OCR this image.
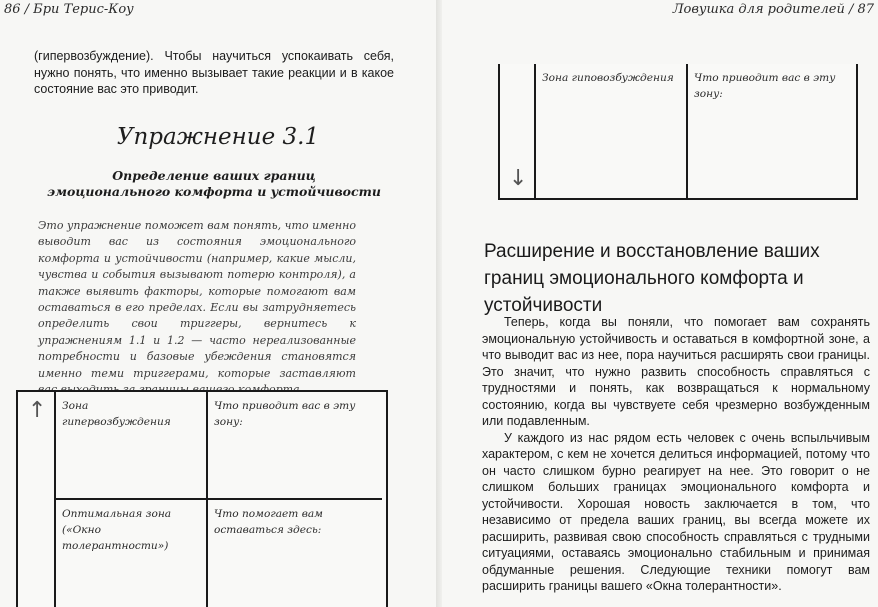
86 / Бри Терис-Коу

(гипервозбуждение). Чтобы научиться успокаивать себя, нужно понять, что именно вызывает такие реакции и в какое состояние вас это приводит.

Упражнение 3.1
Определение ваших границ
эмоционального комфорта и устойчивости

Это упражнение поможет вам понять, что именно выводит вас из состояния эмоционального комфорта и устойчивости (например, какие мысли, чувства и события вызывают потерю контроля), а также выявить факторы, которые помогают вам оставаться в его пределах. Если вы затрудняетесь определить свои триггеры, вернитесь к упражнениям 1.1 и 1.2 — часто нереализованные потребности и базовые убеждения становятся именно теми триггерами, которые заставляют

↑	Зона гипервозбуждения
Что приводит вас в эту зону:
Оптимальная зона («Окно толерантности»)
Что помогает вам оставаться здесь:
Ловушка для родителей / 87
↓
Зона гиповозбуждения	Что приводит вас в эту зону:
Расширение и восстановление ваших границ эмоционального комфорта и устойчивости

Теперь, когда вы поняли, что помогает вам сохранять эмоциональную устойчивость и оставаться в комфортной зоне, а что выводит вас из нее, пора научиться расширять свои границы. Это значит, что нужно развить способность справляться с трудностями и понять, как возвращаться к нормальному состоянию, когда вы чувствуете себя чрезмерно возбужденным или подавленным.

У каждого из нас рядом есть человек с очень вспыльчивым характером, с кем не хочется делиться информацией, потому что он часто слишком бурно реагирует на нее. Это говорит о не слишком больших границах эмоционального комфорта и устойчивости. Хорошая новость заключается в том, что независимо от предела ваших границ, вы всегда можете их расширить, развивая свою способность справляться с трудными ситуациями, оставаясь эмоционально стабильным и принимая обдуманные решения. Следующие техники помогут вам расширить границы вашего «Окна толерантности».
